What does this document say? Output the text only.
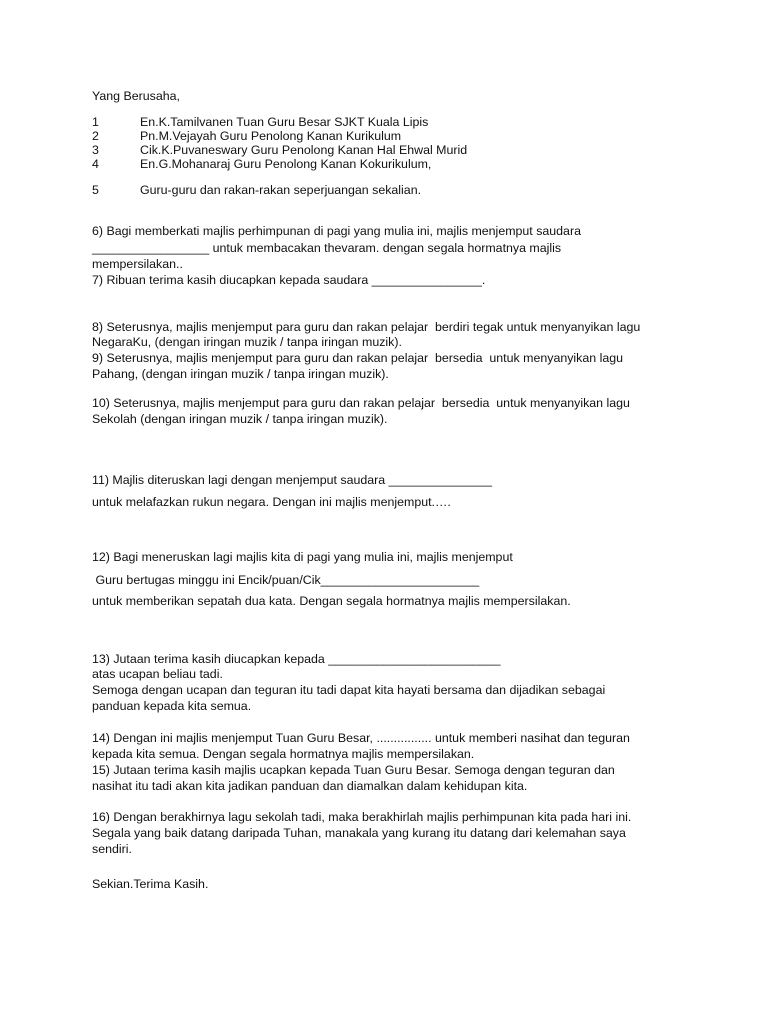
Yang Berusaha,
1	En.K.Tamilvanen Tuan Guru Besar SJKT Kuala Lipis
2	Pn.M.Vejayah Guru Penolong Kanan Kurikulum
3	Cik.K.Puvaneswary Guru Penolong Kanan Hal Ehwal Murid
4	En.G.Mohanaraj Guru Penolong Kanan Kokurikulum,
5	Guru-guru dan rakan-rakan seperjuangan sekalian.
6) Bagi memberkati majlis perhimpunan di pagi yang mulia ini, majlis menjemput saudara
_________________ untuk membacakan thevaram. dengan segala hormatnya majlis
mempersilakan..
7) Ribuan terima kasih diucapkan kepada saudara ________________.
8) Seterusnya, majlis menjemput para guru dan rakan pelajar  berdiri tegak untuk menyanyikan lagu
NegaraKu, (dengan iringan muzik / tanpa iringan muzik).
9) Seterusnya, majlis menjemput para guru dan rakan pelajar  bersedia  untuk menyanyikan lagu
Pahang, (dengan iringan muzik / tanpa iringan muzik).
10) Seterusnya, majlis menjemput para guru dan rakan pelajar  bersedia  untuk menyanyikan lagu
Sekolah (dengan iringan muzik / tanpa iringan muzik).
11) Majlis diteruskan lagi dengan menjemput saudara _______________
untuk melafazkan rukun negara. Dengan ini majlis menjemput.….
12) Bagi meneruskan lagi majlis kita di pagi yang mulia ini, majlis menjemput
Guru bertugas minggu ini Encik/puan/Cik_______________________
untuk memberikan sepatah dua kata. Dengan segala hormatnya majlis mempersilakan.
13) Jutaan terima kasih diucapkan kepada _________________________
atas ucapan beliau tadi.
Semoga dengan ucapan dan teguran itu tadi dapat kita hayati bersama dan dijadikan sebagai
panduan kepada kita semua.
14) Dengan ini majlis menjemput Tuan Guru Besar, ................ untuk memberi nasihat dan teguran
kepada kita semua. Dengan segala hormatnya majlis mempersilakan.
15) Jutaan terima kasih majlis ucapkan kepada Tuan Guru Besar. Semoga dengan teguran dan
nasihat itu tadi akan kita jadikan panduan dan diamalkan dalam kehidupan kita.
16) Dengan berakhirnya lagu sekolah tadi, maka berakhirlah majlis perhimpunan kita pada hari ini.
Segala yang baik datang daripada Tuhan, manakala yang kurang itu datang dari kelemahan saya
sendiri.
Sekian.Terima Kasih.
